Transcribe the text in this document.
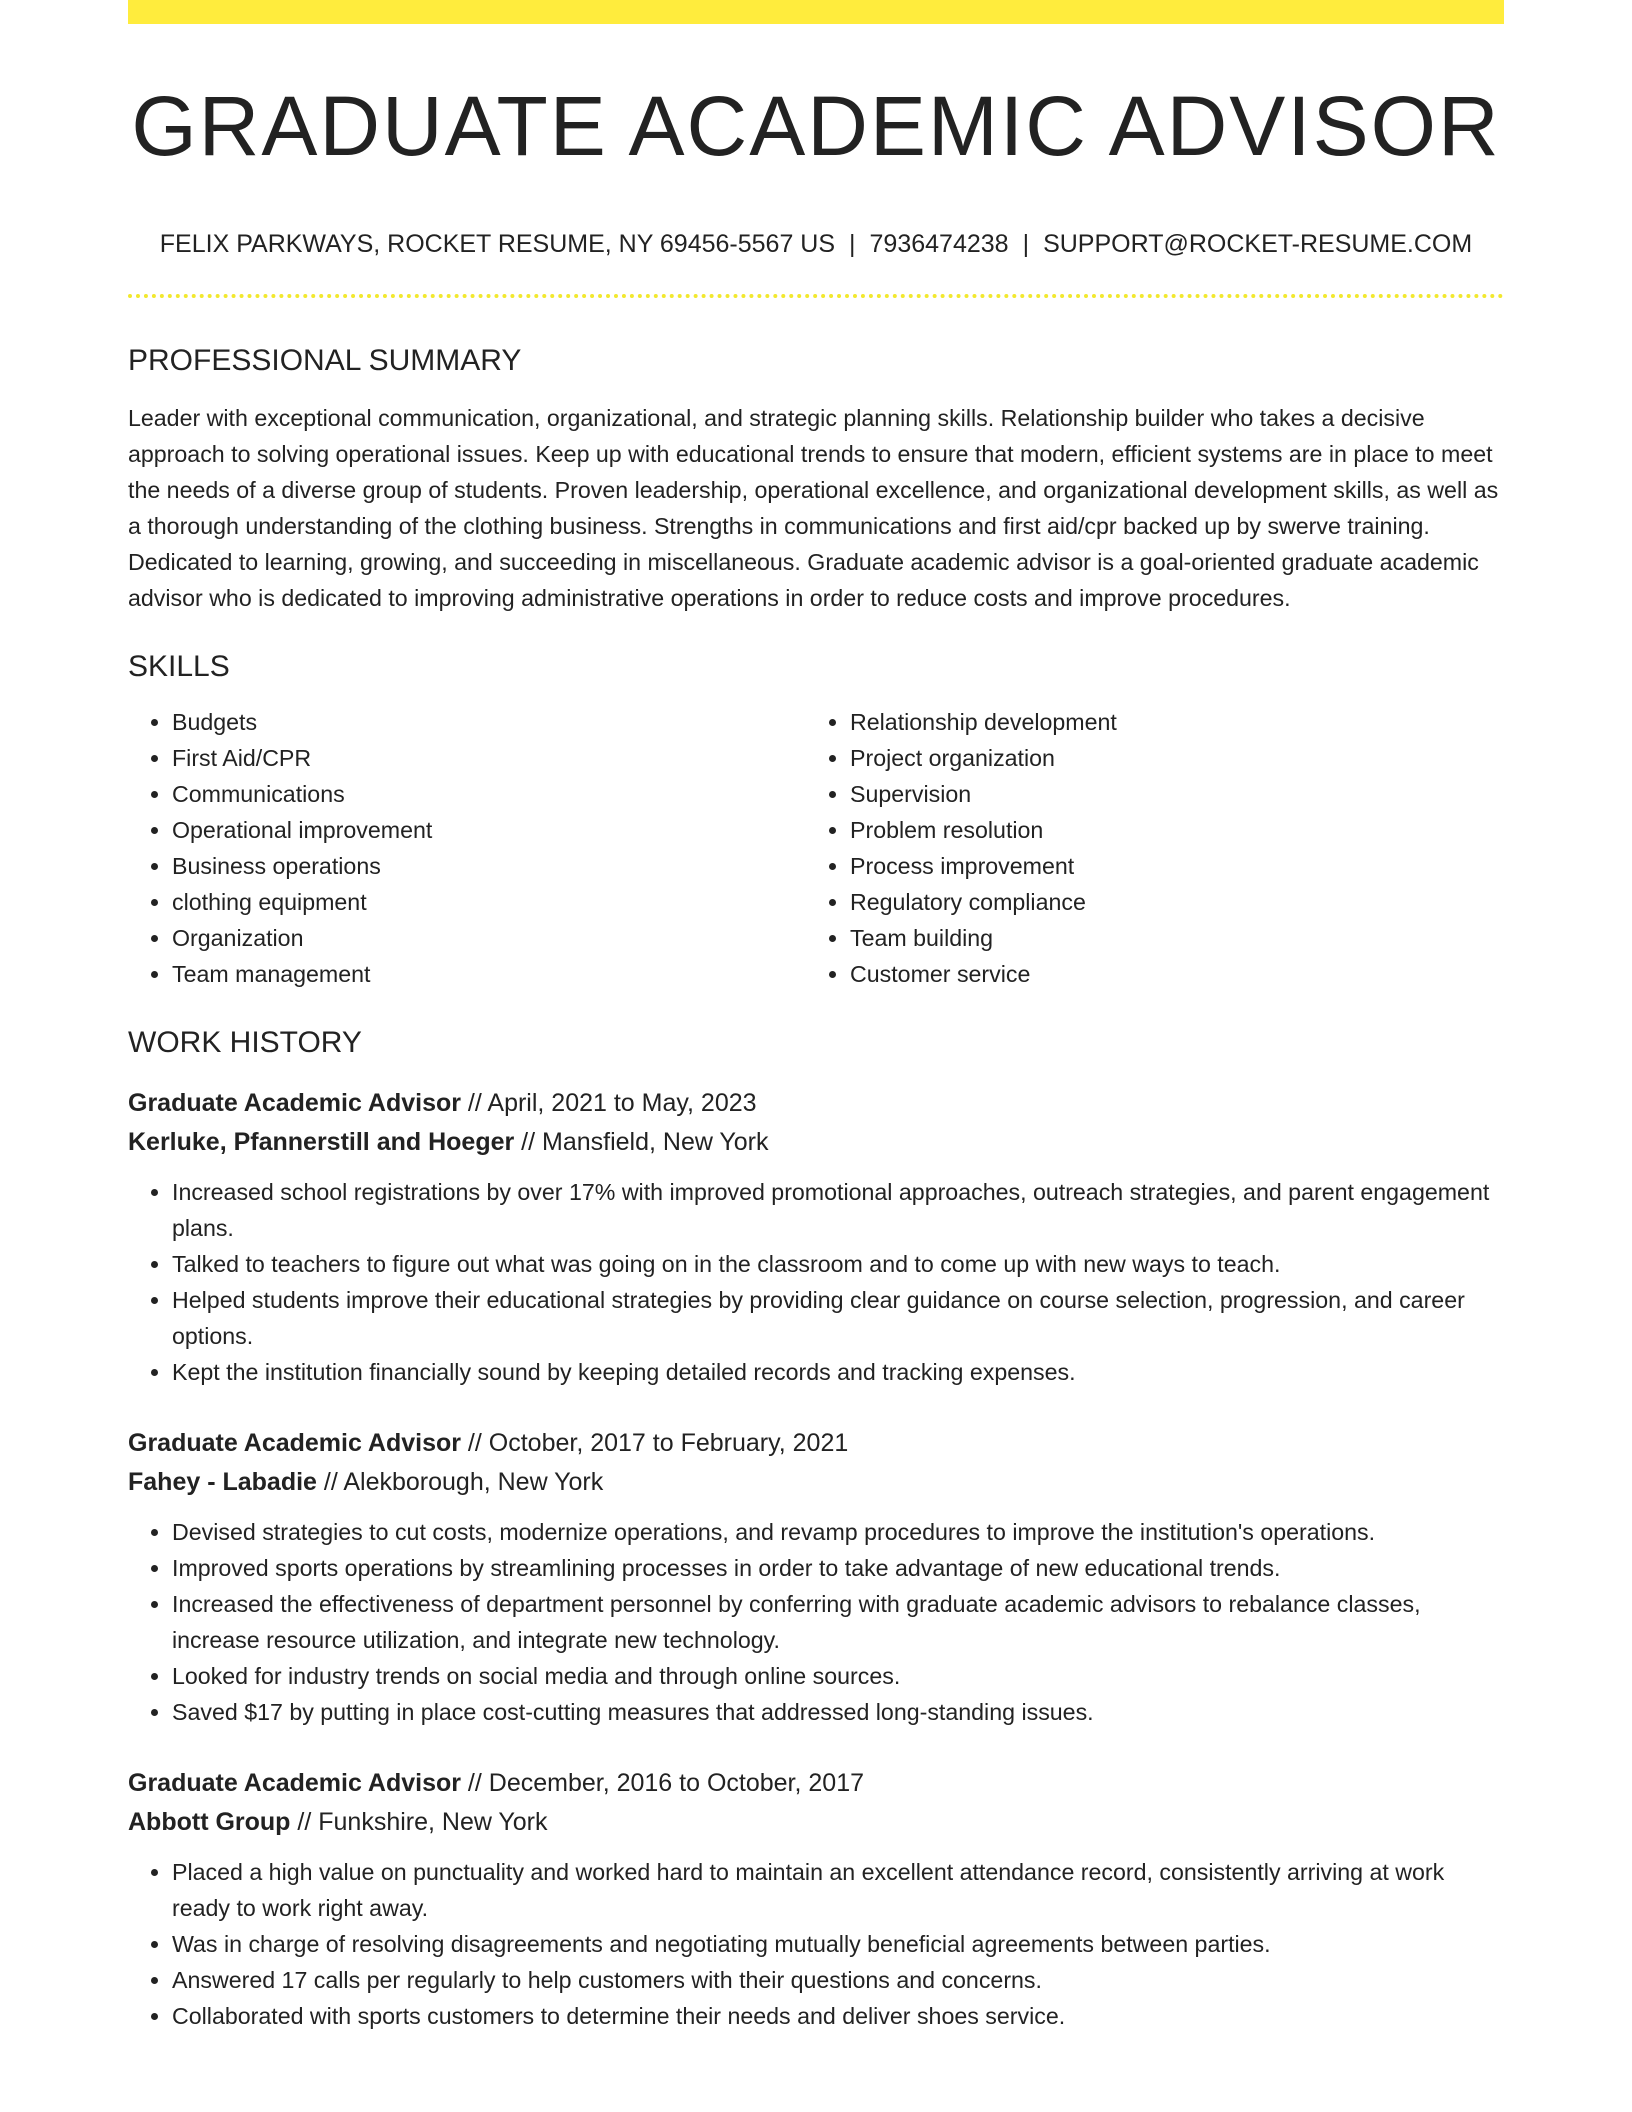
GRADUATE ACADEMIC ADVISOR
FELIX PARKWAYS, ROCKET RESUME, NY 69456-5567 US | 7936474238 | SUPPORT@ROCKET-RESUME.COM
PROFESSIONAL SUMMARY

Leader with exceptional communication, organizational, and strategic planning skills. Relationship builder who takes a decisive approach to solving operational issues. Keep up with educational trends to ensure that modern, efficient systems are in place to meet the needs of a diverse group of students. Proven leadership, operational excellence, and organizational development skills, as well as a thorough understanding of the clothing business. Strengths in communications and first aid/cpr backed up by swerve training. Dedicated to learning, growing, and succeeding in miscellaneous. Graduate academic advisor is a goal-oriented graduate academic advisor who is dedicated to improving administrative operations in order to reduce costs and improve procedures.

SKILLS
• Budgets
• First Aid/CPR
• Communications
• Operational improvement
• Business operations
• clothing equipment
• Organization
• Team management
• Relationship development
• Project organization
• Supervision
• Problem resolution
• Process improvement
• Regulatory compliance
• Team building
• Customer service
WORK HISTORY
Graduate Academic Advisor // April, 2021 to May, 2023
Kerluke, Pfannerstill and Hoeger // Mansfield, New York
• Increased school registrations by over 17% with improved promotional approaches, outreach strategies, and parent engagement plans.
• Talked to teachers to figure out what was going on in the classroom and to come up with new ways to teach.
• Helped students improve their educational strategies by providing clear guidance on course selection, progression, and career options.
• Kept the institution financially sound by keeping detailed records and tracking expenses.
Graduate Academic Advisor // October, 2017 to February, 2021
Fahey - Labadie // Alekborough, New York
• Devised strategies to cut costs, modernize operations, and revamp procedures to improve the institution's operations.
• Improved sports operations by streamlining processes in order to take advantage of new educational trends.
• Increased the effectiveness of department personnel by conferring with graduate academic advisors to rebalance classes, increase resource utilization, and integrate new technology.
• Looked for industry trends on social media and through online sources.
• Saved $17 by putting in place cost-cutting measures that addressed long-standing issues.
Graduate Academic Advisor // December, 2016 to October, 2017
Abbott Group // Funkshire, New York
• Placed a high value on punctuality and worked hard to maintain an excellent attendance record, consistently arriving at work ready to work right away.
• Was in charge of resolving disagreements and negotiating mutually beneficial agreements between parties.
• Answered 17 calls per regularly to help customers with their questions and concerns.
• Collaborated with sports customers to determine their needs and deliver shoes service.
